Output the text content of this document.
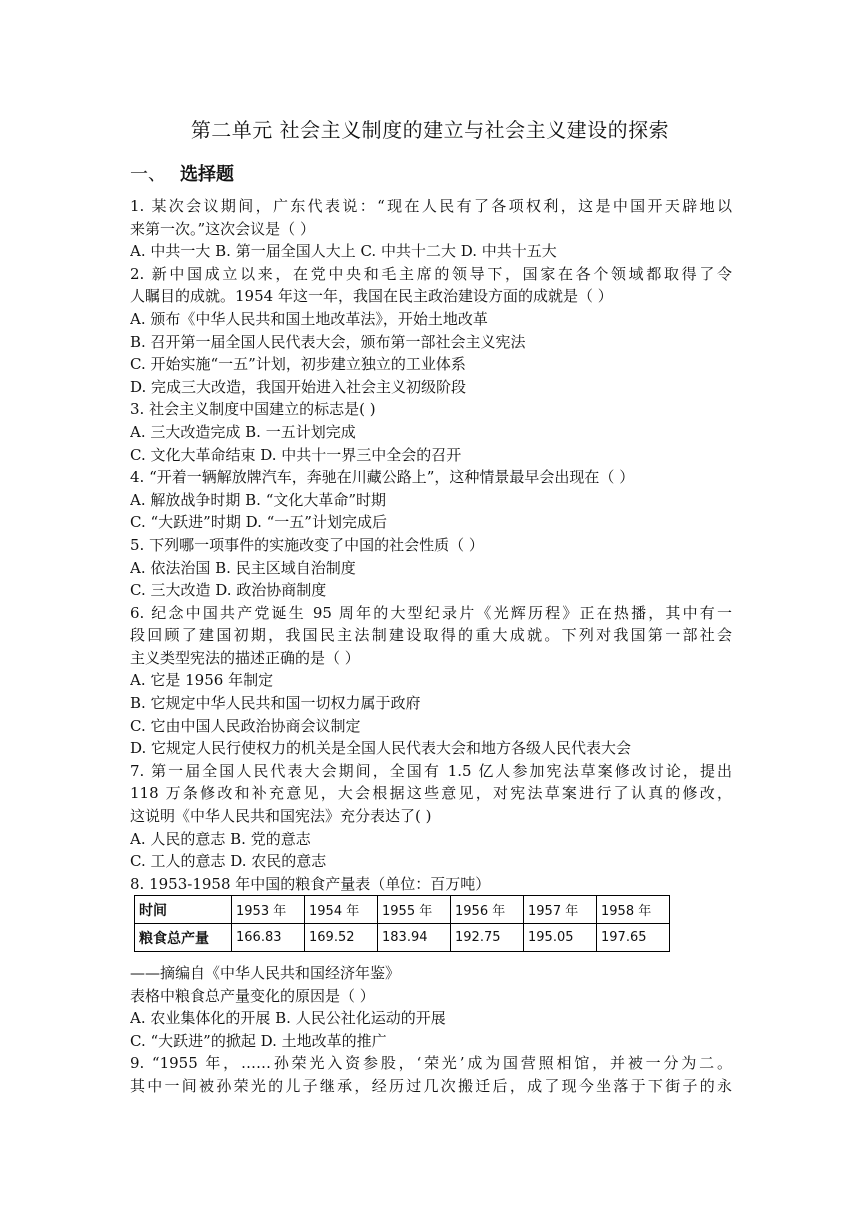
第二单元 社会主义制度的建立与社会主义建设的探索
一、 选择题
1. 某次会议期间，广东代表说：“现在人民有了各项权利，这是中国开天辟地以
来第一次。”这次会议是（ ）
A. 中共一大 B. 第一届全国人大上 C. 中共十二大 D. 中共十五大
2. 新中国成立以来，在党中央和毛主席的领导下，国家在各个领域都取得了令
人瞩目的成就。1954 年这一年，我国在民主政治建设方面的成就是（ ）
A. 颁布《中华人民共和国土地改革法》，开始土地改革
B. 召开第一届全国人民代表大会，颁布第一部社会主义宪法
C. 开始实施“一五”计划，初步建立独立的工业体系
D. 完成三大改造，我国开始进入社会主义初级阶段
3. 社会主义制度中国建立的标志是( )
A. 三大改造完成 B. 一五计划完成
C. 文化大革命结束 D. 中共十一界三中全会的召开
4. “开着一辆解放牌汽车，奔驰在川藏公路上”，这种情景最早会出现在（ ）
A. 解放战争时期 B. “文化大革命”时期
C. “大跃进”时期 D. “一五”计划完成后
5. 下列哪一项事件的实施改变了中国的社会性质（ ）
A. 依法治国 B. 民主区域自治制度
C. 三大改造 D. 政治协商制度
6. 纪念中国共产党诞生 95 周年的大型纪录片《光辉历程》正在热播，其中有一
段回顾了建国初期，我国民主法制建设取得的重大成就。下列对我国第一部社会
主义类型宪法的描述正确的是（ ）
A. 它是 1956 年制定
B. 它规定中华人民共和国一切权力属于政府
C. 它由中国人民政治协商会议制定
D. 它规定人民行使权力的机关是全国人民代表大会和地方各级人民代表大会
7. 第一届全国人民代表大会期间，全国有 1.5 亿人参加宪法草案修改讨论，提出
118 万条修改和补充意见，大会根据这些意见，对宪法草案进行了认真的修改，
这说明《中华人民共和国宪法》充分表达了( )
A. 人民的意志 B. 党的意志
C. 工人的意志 D. 农民的意志
8. 1953-1958 年中国的粮食产量表（单位：百万吨）
时间	1953 年	1954 年	1955 年	1956 年	1957 年	1958 年
粮食总产量	166.83	169.52	183.94	192.75	195.05	197.65
——摘编自《中华人民共和国经济年鉴》
表格中粮食总产量变化的原因是（ ）
A. 农业集体化的开展 B. 人民公社化运动的开展
C. “大跃进”的掀起 D. 土地改革的推广
9. “1955 年，……孙荣光入资参股，‘荣光’成为国营照相馆，并被一分为二。
其中一间被孙荣光的儿子继承，经历过几次搬迁后，成了现今坐落于下街子的永
